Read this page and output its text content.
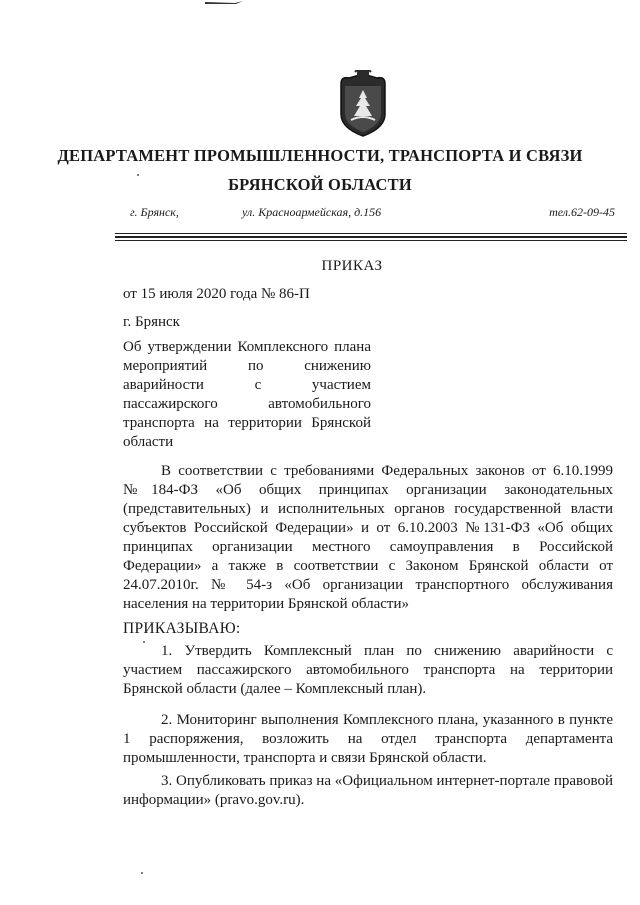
ДЕПАРТАМЕНТ ПРОМЫШЛЕННОСТИ, ТРАНСПОРТА И СВЯЗИ
БРЯНСКОЙ ОБЛАСТИ
г. Брянск,	ул. Красноармейская, д.156	тел.62-09-45
ПРИКАЗ
от 15 июля 2020 года № 86-П
г. Брянск
Об утверждении Комплексного плана мероприятий по снижению аварийности с участием пассажирского автомобильного транспорта на территории Брянской области
В соответствии с требованиями Федеральных законов от 6.10.1999 №184-ФЗ «Об общих принципах организации законодательных (представительных) и исполнительных органов государственной власти субъектов Российской Федерации» и от 6.10.2003 №131-ФЗ «Об общих принципах организации местного самоуправления в Российской Федерации» а также в соответствии с Законом Брянской области от 24.07.2010г. № 54-з «Об организации транспортного обслуживания населения на территории Брянской области»
ПРИКАЗЫВАЮ:
1. Утвердить Комплексный план по снижению аварийности с участием пассажирского автомобильного транспорта на территории Брянской области (далее – Комплексный план).
2. Мониторинг выполнения Комплексного плана, указанного в пункте 1 распоряжения, возложить на отдел транспорта департамента промышленности, транспорта и связи Брянской области.
3. Опубликовать приказ на «Официальном интернет-портале правовой информации» (pravo.gov.ru).
